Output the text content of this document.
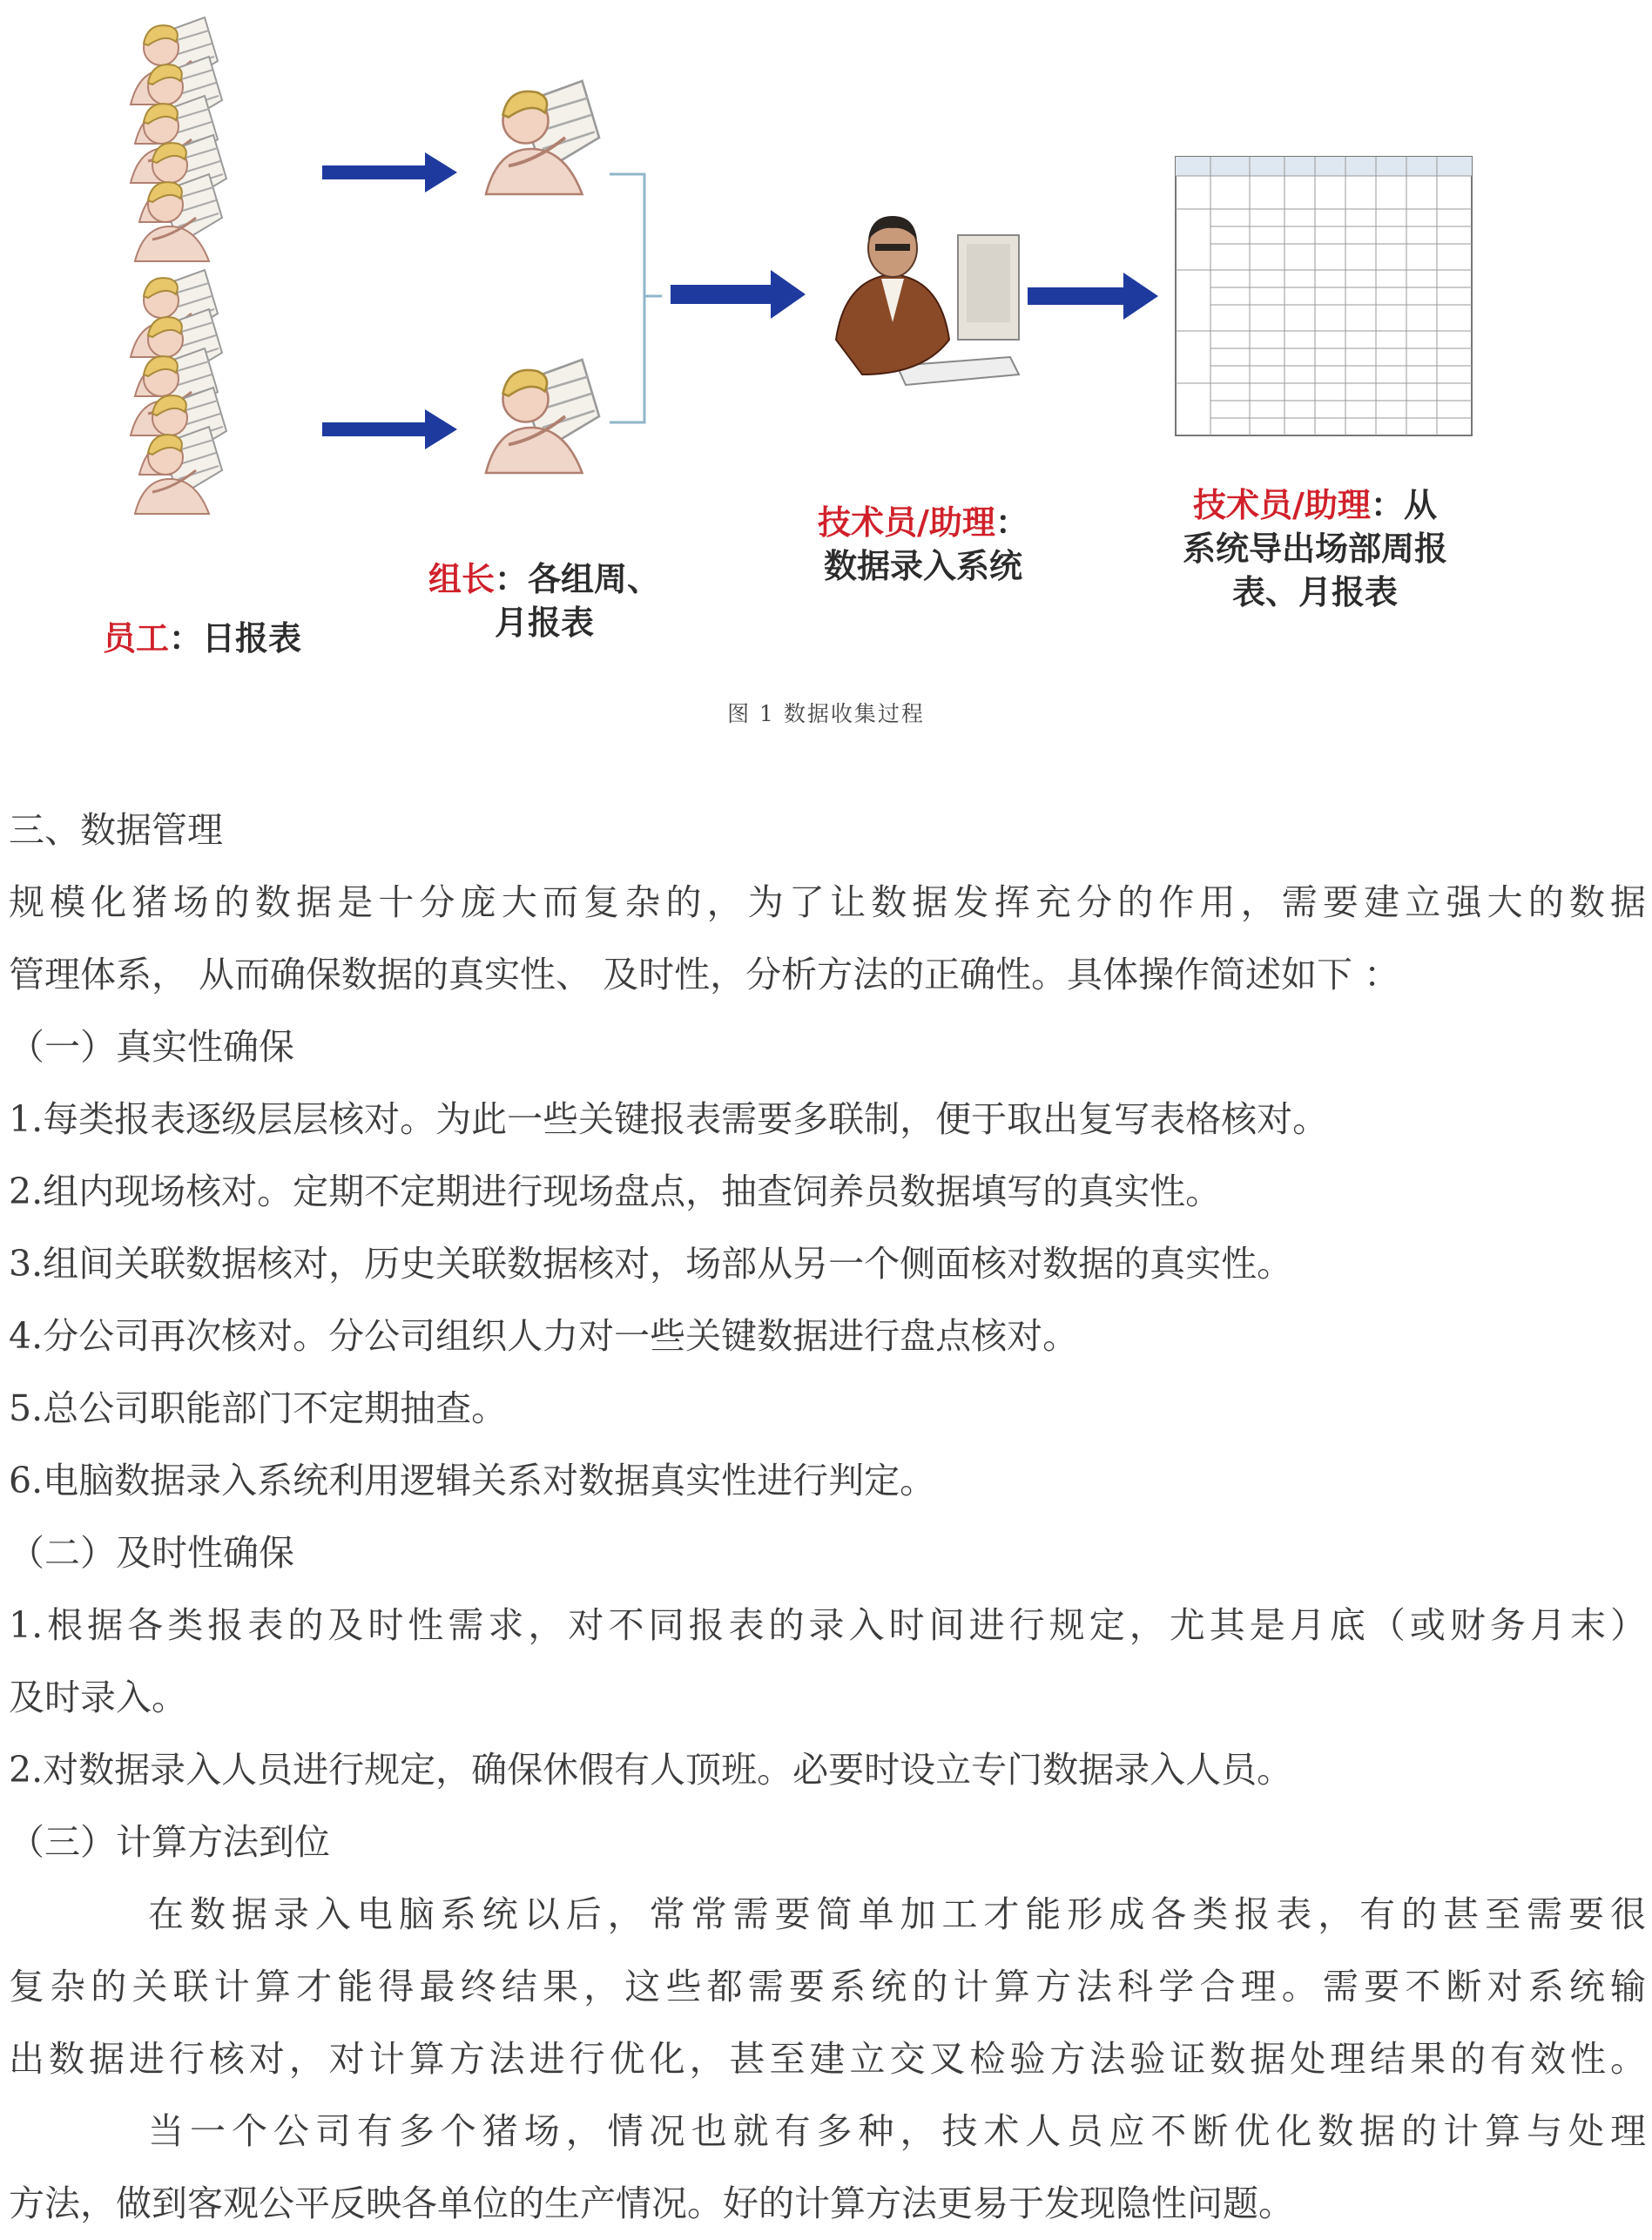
员工：日报表
组长：各组周、
月报表
技术员/助理：
数据录入系统
技术员/助理：从
系统导出场部周报
表、月报表
图 1 数据收集过程

三、数据管理

规模化猪场的数据是十分庞大而复杂的，为了让数据发挥充分的作用，需要建立强大的数据

管理体系， 从而确保数据的真实性、 及时性，分析方法的正确性。具体操作简述如下 ：

（一）真实性确保

1.每类报表逐级层层核对。为此一些关键报表需要多联制，便于取出复写表格核对。

2.组内现场核对。定期不定期进行现场盘点，抽查饲养员数据填写的真实性。

3.组间关联数据核对，历史关联数据核对，场部从另一个侧面核对数据的真实性。

4.分公司再次核对。分公司组织人力对一些关键数据进行盘点核对。

5.总公司职能部门不定期抽查。

6.电脑数据录入系统利用逻辑关系对数据真实性进行判定。

（二）及时性确保

1.根据各类报表的及时性需求，对不同报表的录入时间进行规定，尤其是月底（或财务月末）

及时录入。

2.对数据录入人员进行规定，确保休假有人顶班。必要时设立专门数据录入人员。

（三）计算方法到位

在数据录入电脑系统以后，常常需要简单加工才能形成各类报表，有的甚至需要很

复杂的关联计算才能得最终结果，这些都需要系统的计算方法科学合理。需要不断对系统输

出数据进行核对，对计算方法进行优化，甚至建立交叉检验方法验证数据处理结果的有效性。

当一个公司有多个猪场，情况也就有多种，技术人员应不断优化数据的计算与处理

方法，做到客观公平反映各单位的生产情况。好的计算方法更易于发现隐性问题。
